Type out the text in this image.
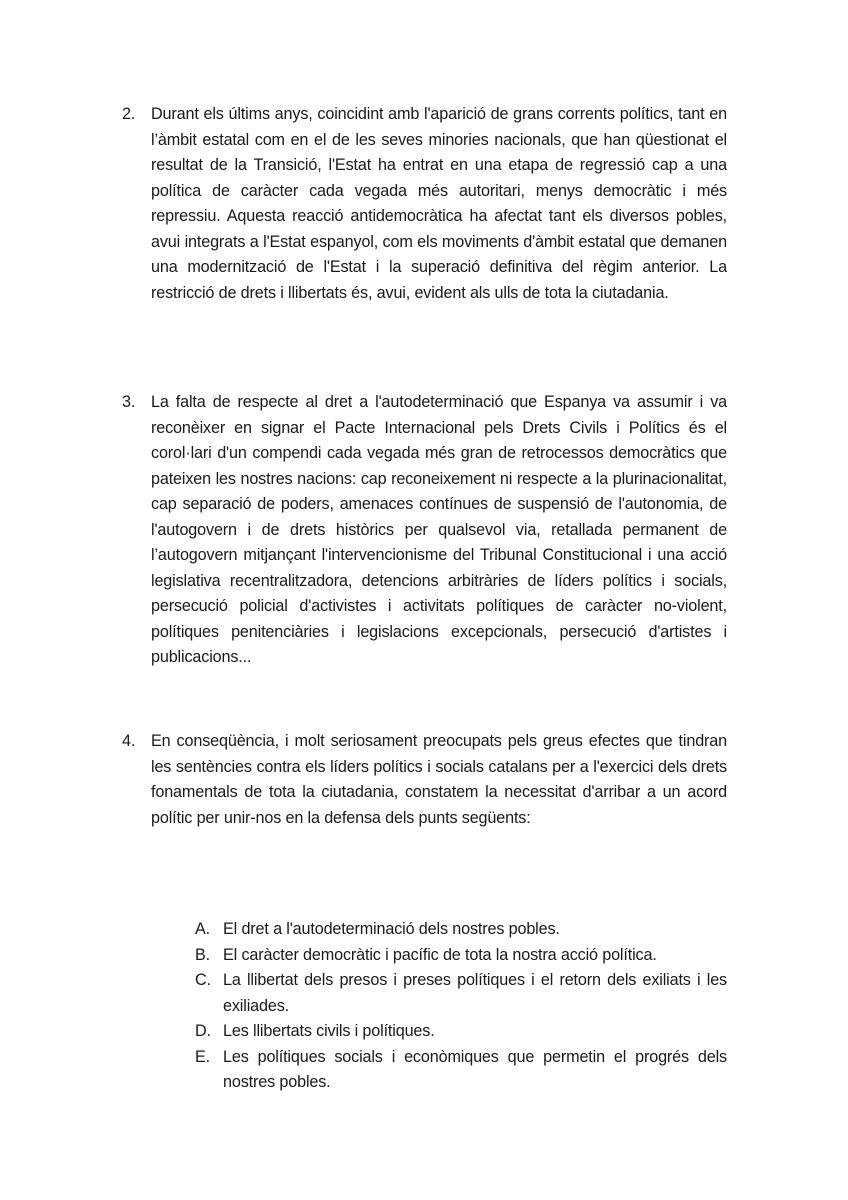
2. Durant els últims anys, coincidint amb l'aparició de grans corrents polítics, tant en l’àmbit estatal com en el de les seves minories nacionals, que han qüestionat el resultat de la Transició, l'Estat ha entrat en una etapa de regressió cap a una política de caràcter cada vegada més autoritari, menys democràtic i més repressiu. Aquesta reacció antidemocràtica ha afectat tant els diversos pobles, avui integrats a l'Estat espanyol, com els moviments d'àmbit estatal que demanen una modernització de l'Estat i la superació definitiva del règim anterior. La restricció de drets i llibertats és, avui, evident als ulls de tota la ciutadania.
3. La falta de respecte al dret a l'autodeterminació que Espanya va assumir i va reconèixer en signar el Pacte Internacional pels Drets Civils i Polítics és el corol·lari d'un compendi cada vegada més gran de retrocessos democràtics que pateixen les nostres nacions: cap reconeixement ni respecte a la plurinacionalitat, cap separació de poders, amenaces contínues de suspensió de l'autonomia, de l'autogovern i de drets històrics per qualsevol via, retallada permanent de l’autogovern mitjançant l'intervencionisme del Tribunal Constitucional i una acció legislativa recentralitzadora, detencions arbitràries de líders polítics i socials, persecució policial d'activistes i activitats polítiques de caràcter no-violent, polítiques penitenciàries i legislacions excepcionals, persecució d'artistes i publicacions...
4. En conseqüència, i molt seriosament preocupats pels greus efectes que tindran les sentències contra els líders polítics i socials catalans per a l'exercici dels drets fonamentals de tota la ciutadania, constatem la necessitat d'arribar a un acord polític per unir-nos en la defensa dels punts següents:
A. El dret a l'autodeterminació dels nostres pobles.
B. El caràcter democràtic i pacífic de tota la nostra acció política.
C. La llibertat dels presos i preses polítiques i el retorn dels exiliats i les exiliades.
D. Les llibertats civils i polítiques.
E. Les polítiques socials i econòmiques que permetin el progrés dels nostres pobles.
